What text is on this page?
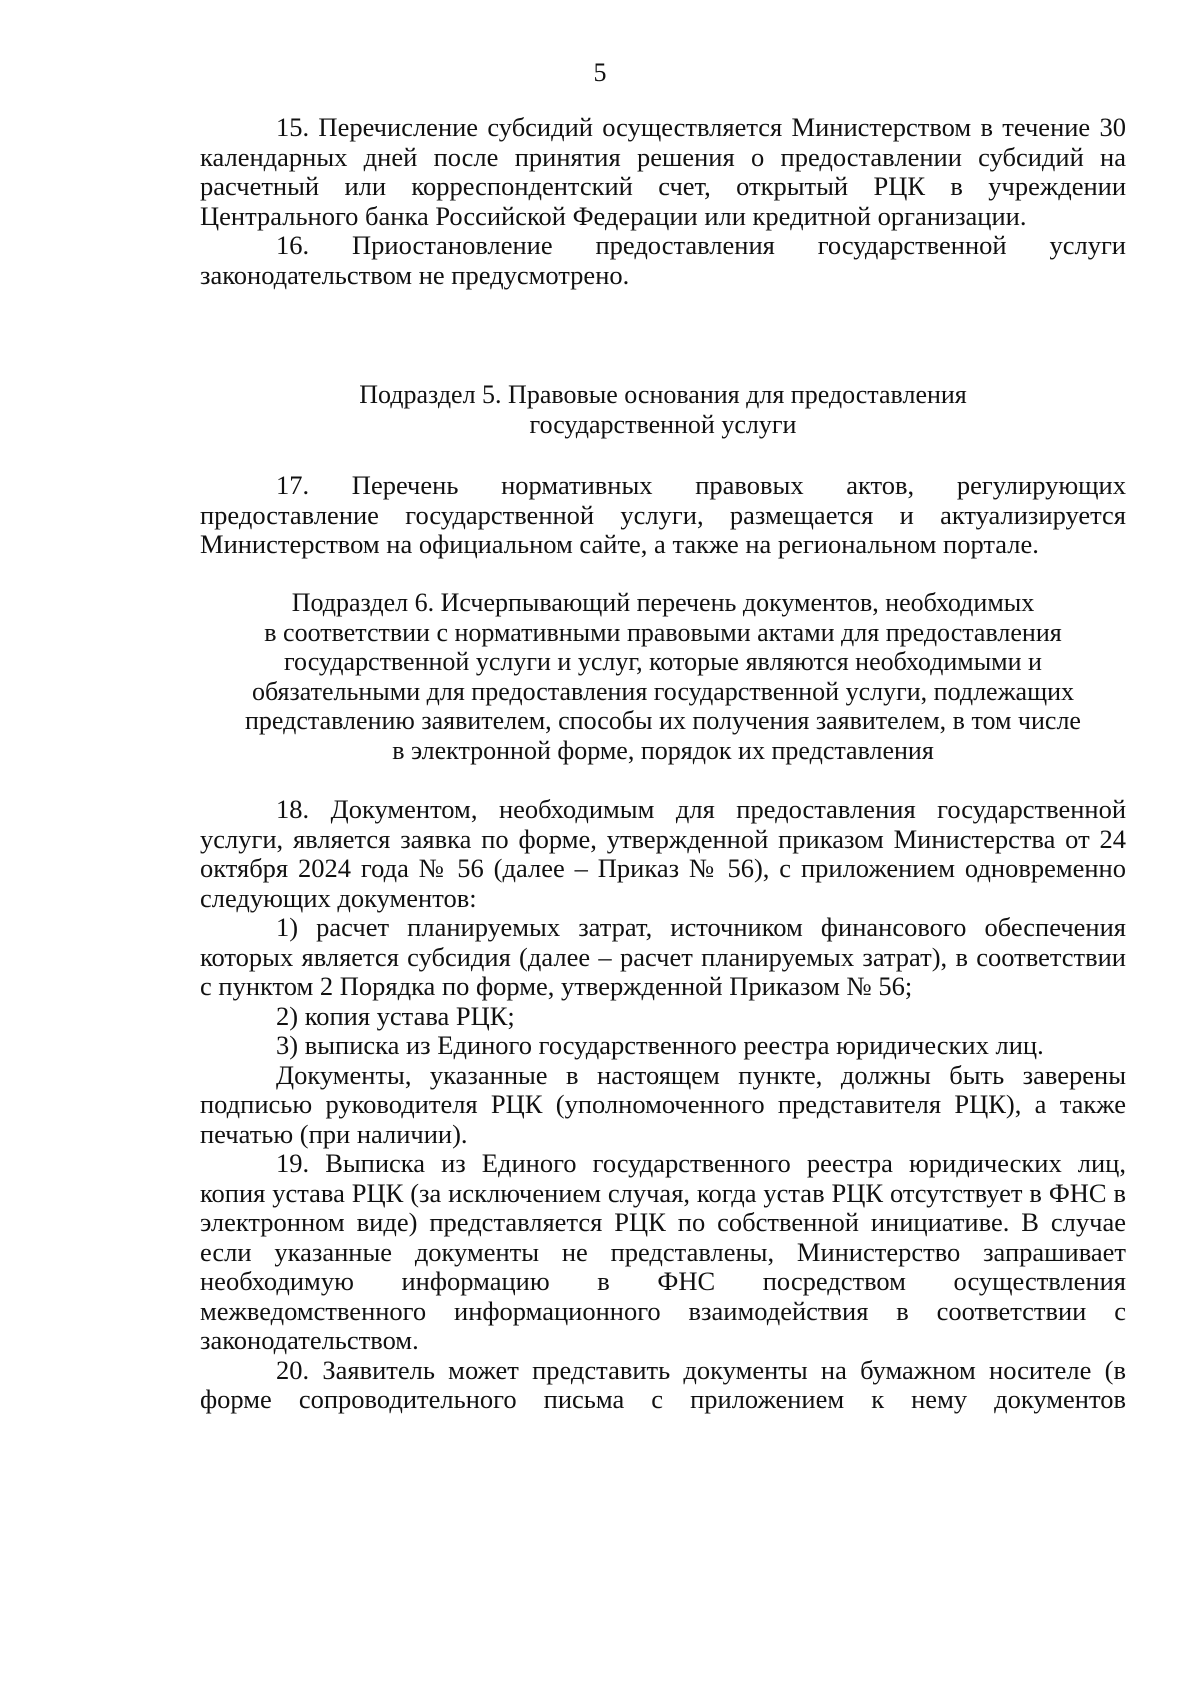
5

15. Перечисление субсидий осуществляется Министерством в течение 30 календарных дней после принятия решения о предоставлении субсидий на расчетный или корреспондентский счет, открытый РЦК в учреждении Центрального банка Российской Федерации или кредитной организации.

16. Приостановление предоставления государственной услуги законодательством не предусмотрено.

Подраздел 5. Правовые основания для предоставления
государственной услуги

17. Перечень нормативных правовых актов, регулирующих предоставление государственной услуги, размещается и актуализируется Министерством на официальном сайте, а также на региональном портале.

Подраздел 6. Исчерпывающий перечень документов, необходимых
в соответствии с нормативными правовыми актами для предоставления
государственной услуги и услуг, которые являются необходимыми и
обязательными для предоставления государственной услуги, подлежащих
представлению заявителем, способы их получения заявителем, в том числе
в электронной форме, порядок их представления

18. Документом, необходимым для предоставления государственной услуги, является заявка по форме, утвержденной приказом Министерства от 24 октября 2024 года № 56 (далее – Приказ № 56), с приложением одновременно следующих документов:

1) расчет планируемых затрат, источником финансового обеспечения которых является субсидия (далее – расчет планируемых затрат), в соответствии с пунктом 2 Порядка по форме, утвержденной Приказом № 56;

2) копия устава РЦК;

3) выписка из Единого государственного реестра юридических лиц.

Документы, указанные в настоящем пункте, должны быть заверены подписью руководителя РЦК (уполномоченного представителя РЦК), а также печатью (при наличии).

19. Выписка из Единого государственного реестра юридических лиц, копия устава РЦК (за исключением случая, когда устав РЦК отсутствует в ФНС в электронном виде) представляется РЦК по собственной инициативе. В случае если указанные документы не представлены, Министерство запрашивает необходимую информацию в ФНС посредством осуществления межведомственного информационного взаимодействия в соответствии с законодательством.

20. Заявитель может представить документы на бумажном носителе (в форме сопроводительного письма с приложением к нему документов
